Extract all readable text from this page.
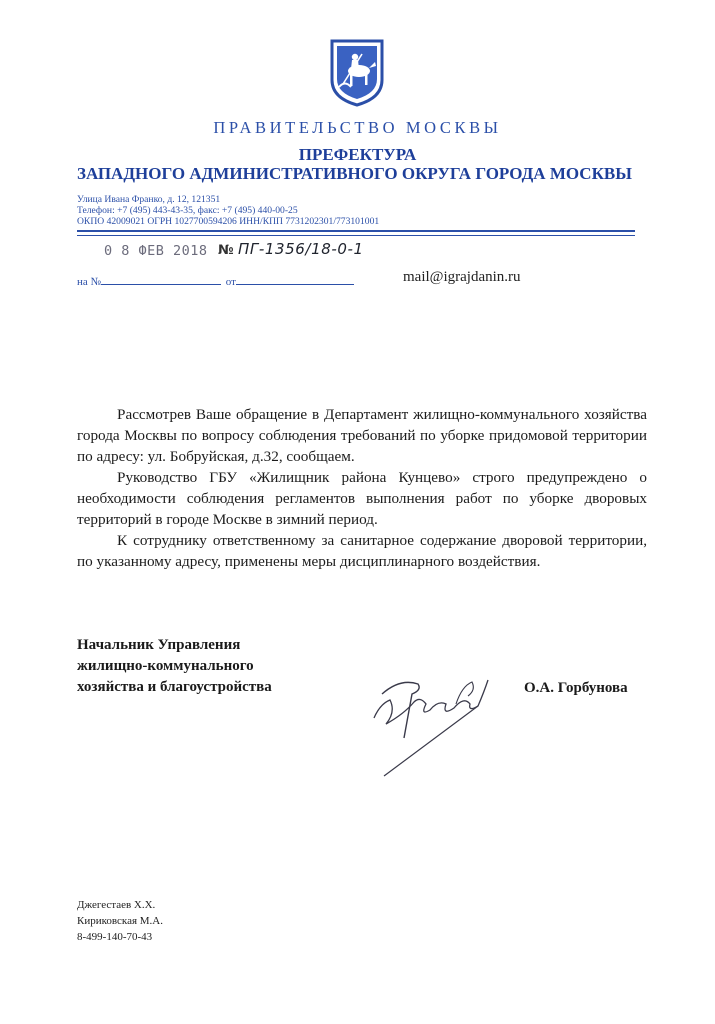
ПРАВИТЕЛЬСТВО МОСКВЫ
ПРЕФЕКТУРА
ЗАПАДНОГО АДМИНИСТРАТИВНОГО ОКРУГА ГОРОДА МОСКВЫ
Улица Ивана Франко, д. 12, 121351
Телефон: +7 (495) 443-43-35, факс: +7 (495) 440-00-25
ОКПО 42009021 ОГРН 1027700594206 ИНН/КПП 7731202301/773101001
0 8 ФЕВ 2018 № ПГ-1356/18-0-1
на №	от	mail@igrajdanin.ru

Рассмотрев Ваше обращение в Департамент жилищно-коммунального хозяйства города Москвы по вопросу соблюдения требований по уборке придомовой территории по адресу: ул. Бобруйская, д.32, сообщаем.

Руководство ГБУ «Жилищник района Кунцево» строго предупреждено о необходимости соблюдения регламентов выполнения работ по уборке дворовых территорий в городе Москве в зимний период.

К сотруднику ответственному за санитарное содержание дворовой территории, по указанному адресу, применены меры дисциплинарного воздействия.

Начальник Управления
жилищно-коммунального
хозяйства и благоустройства	О.А. Горбунова
Джегестаев Х.Х.
Кириковская М.А.
8-499-140-70-43
